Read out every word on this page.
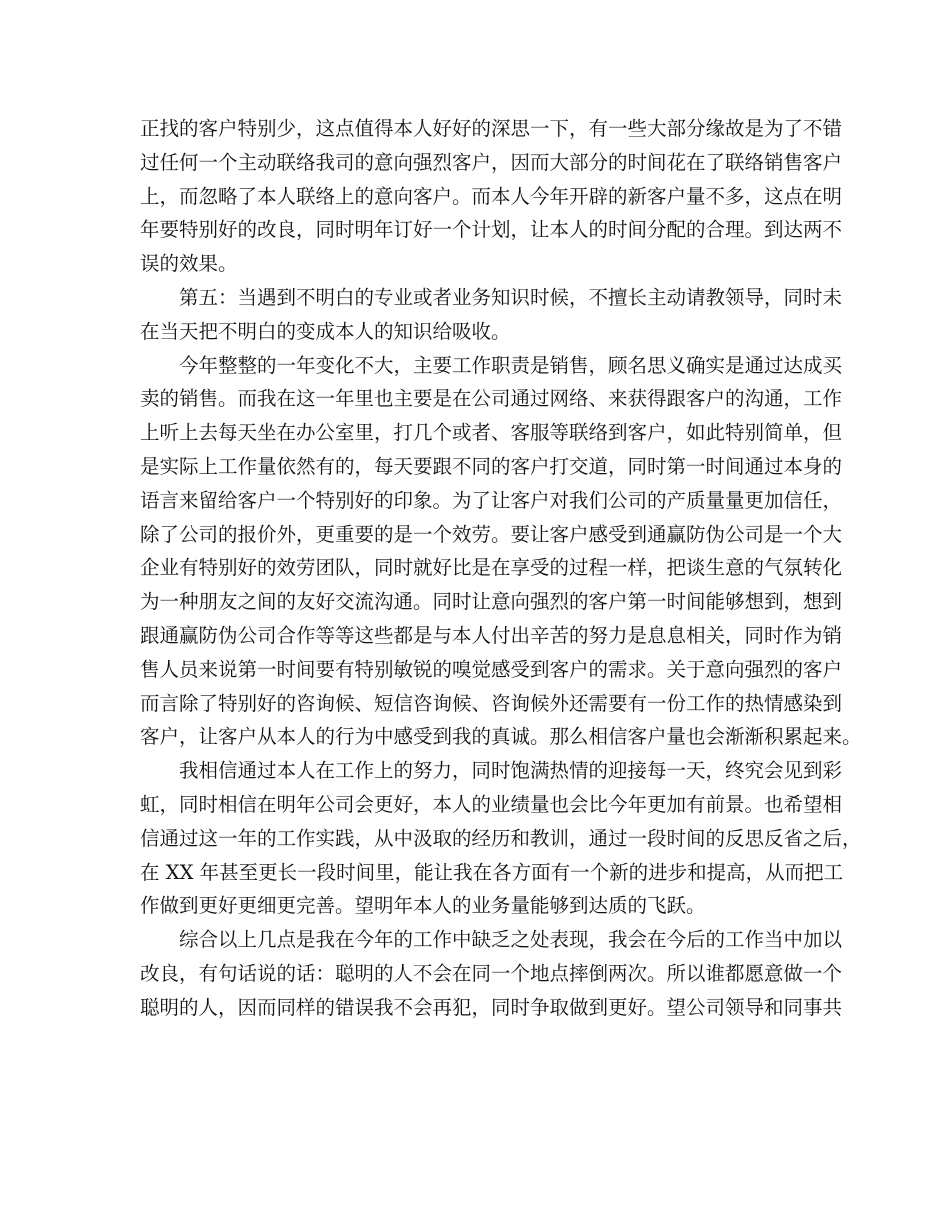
正找的客户特别少，这点值得本人好好的深思一下，有一些大部分缘故是为了不错
过任何一个主动联络我司的意向强烈客户，因而大部分的时间花在了联络销售客户
上，而忽略了本人联络上的意向客户。而本人今年开辟的新客户量不多，这点在明
年要特别好的改良，同时明年订好一个计划，让本人的时间分配的合理。到达两不
误的效果。
第五：当遇到不明白的专业或者业务知识时候，不擅长主动请教领导，同时未
在当天把不明白的变成本人的知识给吸收。
今年整整的一年变化不大，主要工作职责是销售，顾名思义确实是通过达成买
卖的销售。而我在这一年里也主要是在公司通过网络、来获得跟客户的沟通，工作
上听上去每天坐在办公室里，打几个或者、客服等联络到客户，如此特别简单，但
是实际上工作量依然有的，每天要跟不同的客户打交道，同时第一时间通过本身的
语言来留给客户一个特别好的印象。为了让客户对我们公司的产质量量更加信任，
除了公司的报价外，更重要的是一个效劳。要让客户感受到通赢防伪公司是一个大
企业有特别好的效劳团队，同时就好比是在享受的过程一样，把谈生意的气氛转化
为一种朋友之间的友好交流沟通。同时让意向强烈的客户第一时间能够想到，想到
跟通赢防伪公司合作等等这些都是与本人付出辛苦的努力是息息相关，同时作为销
售人员来说第一时间要有特别敏锐的嗅觉感受到客户的需求。关于意向强烈的客户
而言除了特别好的咨询候、短信咨询候、咨询候外还需要有一份工作的热情感染到
客户，让客户从本人的行为中感受到我的真诚。那么相信客户量也会渐渐积累起来。
我相信通过本人在工作上的努力，同时饱满热情的迎接每一天，终究会见到彩
虹，同时相信在明年公司会更好，本人的业绩量也会比今年更加有前景。也希望相
信通过这一年的工作实践，从中汲取的经历和教训，通过一段时间的反思反省之后，
在 XX 年甚至更长一段时间里，能让我在各方面有一个新的进步和提高，从而把工
作做到更好更细更完善。望明年本人的业务量能够到达质的飞跃。
综合以上几点是我在今年的工作中缺乏之处表现，我会在今后的工作当中加以
改良，有句话说的话：聪明的人不会在同一个地点摔倒两次。所以谁都愿意做一个
聪明的人，因而同样的错误我不会再犯，同时争取做到更好。望公司领导和同事共
